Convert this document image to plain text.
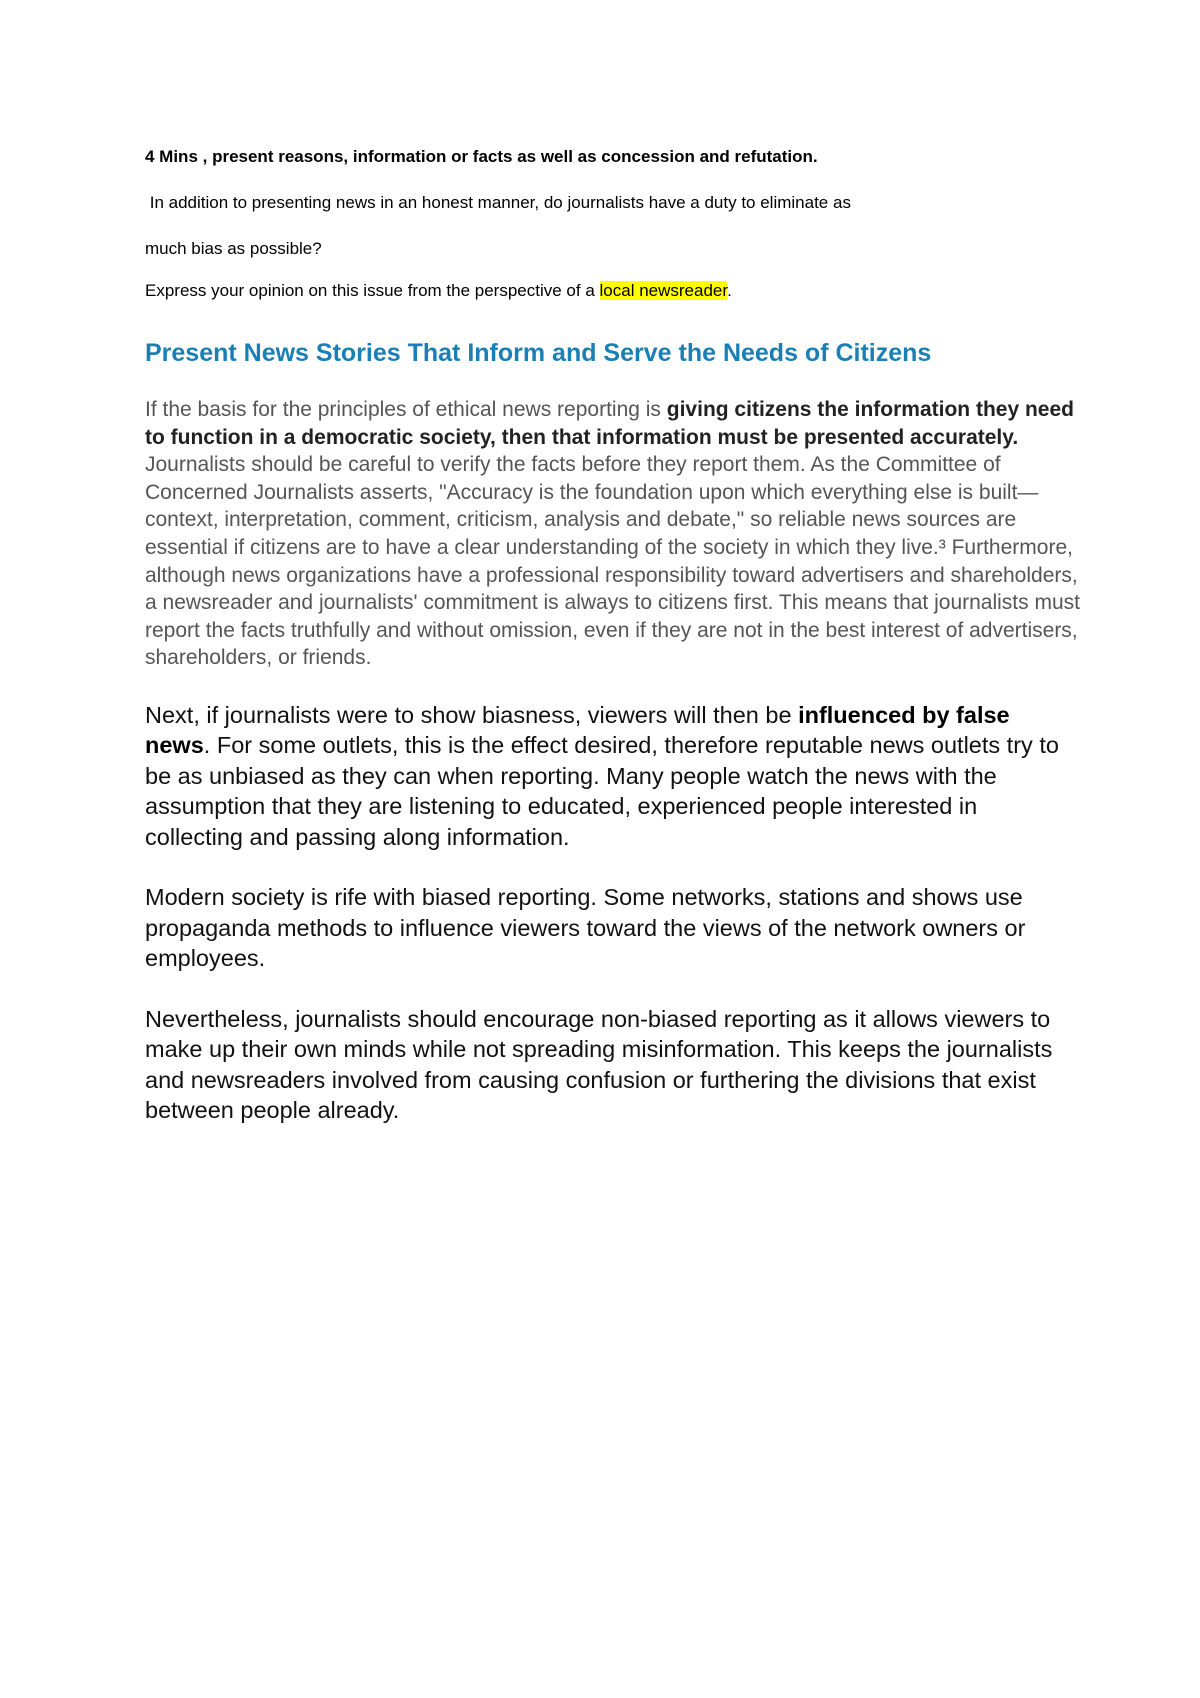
4 Mins , present reasons, information or facts as well as concession and refutation.

In addition to presenting news in an honest manner, do journalists have a duty to eliminate as

much bias as possible?

Express your opinion on this issue from the perspective of a local newsreader.

Present News Stories That Inform and Serve the Needs of Citizens

If the basis for the principles of ethical news reporting is giving citizens the information they need to function in a democratic society, then that information must be presented accurately. Journalists should be careful to verify the facts before they report them. As the Committee of Concerned Journalists asserts, "Accuracy is the foundation upon which everything else is built—context, interpretation, comment, criticism, analysis and debate," so reliable news sources are essential if citizens are to have a clear understanding of the society in which they live.³ Furthermore, although news organizations have a professional responsibility toward advertisers and shareholders, a newsreader and journalists' commitment is always to citizens first. This means that journalists must report the facts truthfully and without omission, even if they are not in the best interest of advertisers, shareholders, or friends.

Next, if journalists were to show biasness, viewers will then be influenced by false news. For some outlets, this is the effect desired, therefore reputable news outlets try to be as unbiased as they can when reporting. Many people watch the news with the assumption that they are listening to educated, experienced people interested in collecting and passing along information.

Modern society is rife with biased reporting. Some networks, stations and shows use propaganda methods to influence viewers toward the views of the network owners or employees.

Nevertheless, journalists should encourage non-biased reporting as it allows viewers to make up their own minds while not spreading misinformation. This keeps the journalists and newsreaders involved from causing confusion or furthering the divisions that exist between people already.
